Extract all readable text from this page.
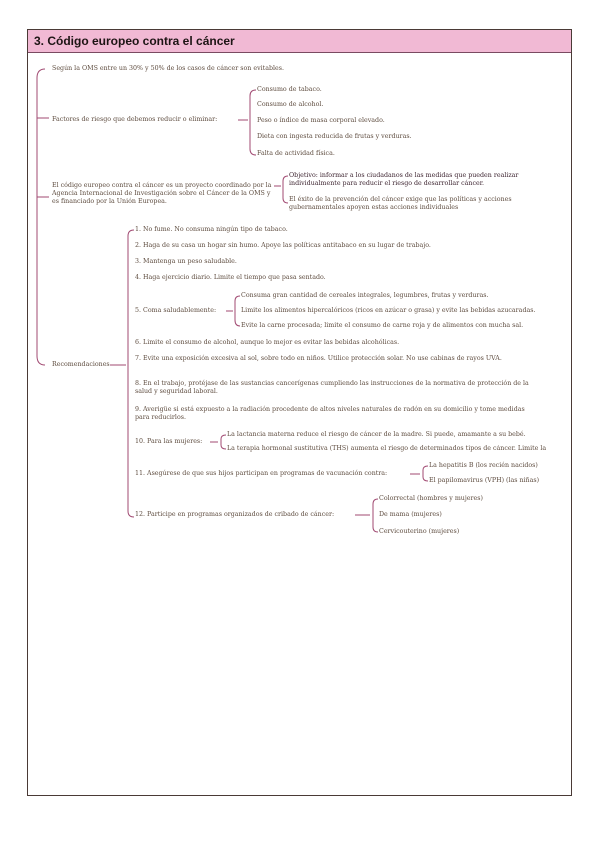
3. Código europeo contra el cáncer
Según la OMS entre un 30% y 50% de los casos de cáncer son evitables.
Factores de riesgo que debemos reducir o eliminar:
Consumo de tabaco.
Consumo de alcohol.
Peso o índice de masa corporal elevado.
Dieta con ingesta reducida de frutas y verduras.
Falta de actividad física.
El código europeo contra el cáncer es un proyecto coordinado por la Agencia Internacional de Investigación sobre el Cáncer de la OMS y es financiado por la Unión Europea.
Objetivo: informar a los ciudadanos de las medidas que pueden realizar individualmente para reducir el riesgo de desarrollar cáncer.
El éxito de la prevención del cáncer exige que las políticas y acciones gubernamentales apoyen estas acciones individuales
Recomendaciones
1. No fume. No consuma ningún tipo de tabaco.
2. Haga de su casa un hogar sin humo. Apoye las políticas antitabaco en su lugar de trabajo.
3. Mantenga un peso saludable.
4. Haga ejercicio diario. Limite el tiempo que pasa sentado.
5. Coma saludablemente:
Consuma gran cantidad de cereales integrales, legumbres, frutas y verduras.
Limite los alimentos hipercalóricos (ricos en azúcar o grasa) y evite las bebidas azucaradas.
Evite la carne procesada; limite el consumo de carne roja y de alimentos con mucha sal.
6. Limite el consumo de alcohol, aunque lo mejor es evitar las bebidas alcohólicas.
7. Evite una exposición excesiva al sol, sobre todo en niños. Utilice protección solar. No use cabinas de rayos UVA.
8. En el trabajo, protéjase de las sustancias cancerígenas cumpliendo las instrucciones de la normativa de protección de la salud y seguridad laboral.
9. Averigüe si está expuesto a la radiación procedente de altos niveles naturales de radón en su domicilio y tome medidas para reducirlos.
10. Para las mujeres:
La lactancia materna reduce el riesgo de cáncer de la madre. Si puede, amamante a su bebé.
La terapia hormonal sustitutiva (THS) aumenta el riesgo de determinados tipos de cáncer. Limite la
11. Asegúrese de que sus hijos participan en programas de vacunación contra:
La hepatitis B (los recién nacidos)
El papilomavirus (VPH) (las niñas)
12. Participe en programas organizados de cribado de cáncer:
Colorrectal (hombres y mujeres)
De mama (mujeres)
Cervicouterino (mujeres)
